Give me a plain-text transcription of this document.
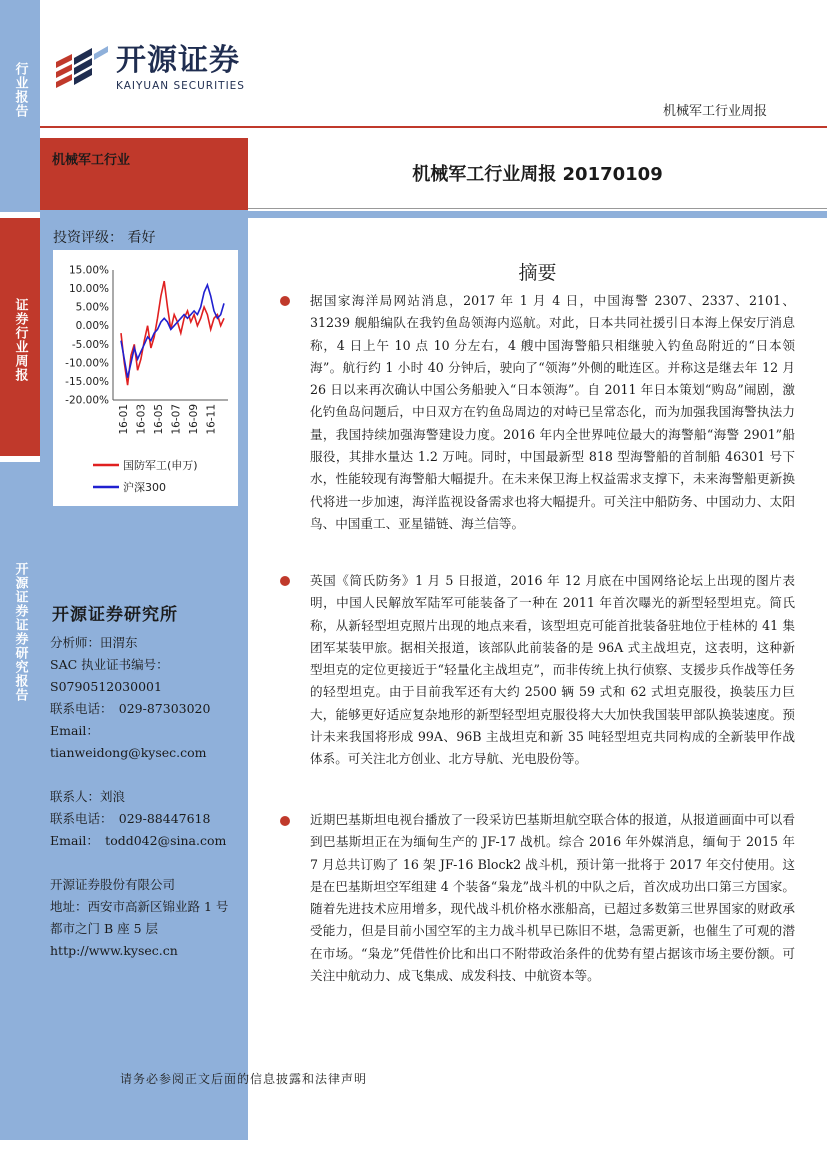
行业报告
证券行业周报
开源证券证券研究报告
开源证券
KAIYUAN SECURITIES
机械军工行业周报
机械军工行业
机械军工行业周报 20170109
投资评级： 看好
15.00%
10.00%
5.00%
0.00%
-5.00%
-10.00%
-15.00%
-20.00%
16-01 16-03 16-05 16-07 16-09 16-11
国防军工(申万)
沪深300
开源证券研究所
分析师：田渭东
SAC 执业证书编号：
S0790512030001
联系电话：　029-87303020
Email：tianweidong@kysec.com
联系人：刘浪
联系电话：　029-88447618
Email：　todd042@sina.com
开源证券股份有限公司
地址：西安市高新区锦业路 1 号
都市之门 B 座 5 层
http://www.kysec.cn
摘要
据国家海洋局网站消息，2017 年 1 月 4 日，中国海警 2307、2337、2101、31239 舰船编队在我钓鱼岛领海内巡航。对此，日本共同社援引日本海上保安厅消息称，4 日上午 10 点 10 分左右，4 艘中国海警船只相继驶入钓鱼岛附近的“日本领海”。航行约 1 小时 40 分钟后，驶向了“领海”外侧的毗连区。并称这是继去年 12 月 26 日以来再次确认中国公务船驶入“日本领海”。自 2011 年日本策划“购岛”闹剧，激化钓鱼岛问题后，中日双方在钓鱼岛周边的对峙已呈常态化，而为加强我国海警执法力量，我国持续加强海警建设力度。2016 年内全世界吨位最大的海警船“海警 2901”船服役，其排水量达 1.2 万吨。同时，中国最新型 818 型海警船的首制船 46301 号下水，性能较现有海警船大幅提升。在未来保卫海上权益需求支撑下，未来海警船更新换代将进一步加速，海洋监视设备需求也将大幅提升。可关注中船防务、中国动力、太阳鸟、中国重工、亚星锚链、海兰信等。
英国《简氏防务》1 月 5 日报道，2016 年 12 月底在中国网络论坛上出现的图片表明，中国人民解放军陆军可能装备了一种在 2011 年首次曝光的新型轻型坦克。简氏称，从新轻型坦克照片出现的地点来看，该型坦克可能首批装备驻地位于桂林的 41 集团军某装甲旅。据相关报道，该部队此前装备的是 96A 式主战坦克，这表明，这种新型坦克的定位更接近于“轻量化主战坦克”，而非传统上执行侦察、支援步兵作战等任务的轻型坦克。由于目前我军还有大约 2500 辆 59 式和 62 式坦克服役，换装压力巨大，能够更好适应复杂地形的新型轻型坦克服役将大大加快我国装甲部队换装速度。预计未来我国将形成 99A、96B 主战坦克和新 35 吨轻型坦克共同构成的全新装甲作战体系。可关注北方创业、北方导航、光电股份等。
近期巴基斯坦电视台播放了一段采访巴基斯坦航空联合体的报道，从报道画面中可以看到巴基斯坦正在为缅甸生产的 JF-17 战机。综合 2016 年外媒消息，缅甸于 2015 年 7 月总共订购了 16 架 JF-16 Block2 战斗机，预计第一批将于 2017 年交付使用。这是在巴基斯坦空军组建 4 个装备“枭龙”战斗机的中队之后，首次成功出口第三方国家。随着先进技术应用增多，现代战斗机价格水涨船高，已超过多数第三世界国家的财政承受能力，但是目前小国空军的主力战斗机早已陈旧不堪，急需更新，也催生了可观的潜在市场。“枭龙”凭借性价比和出口不附带政治条件的优势有望占据该市场主要份额。可关注中航动力、成飞集成、成发科技、中航资本等。
请务必参阅正文后面的信息披露和法律声明
